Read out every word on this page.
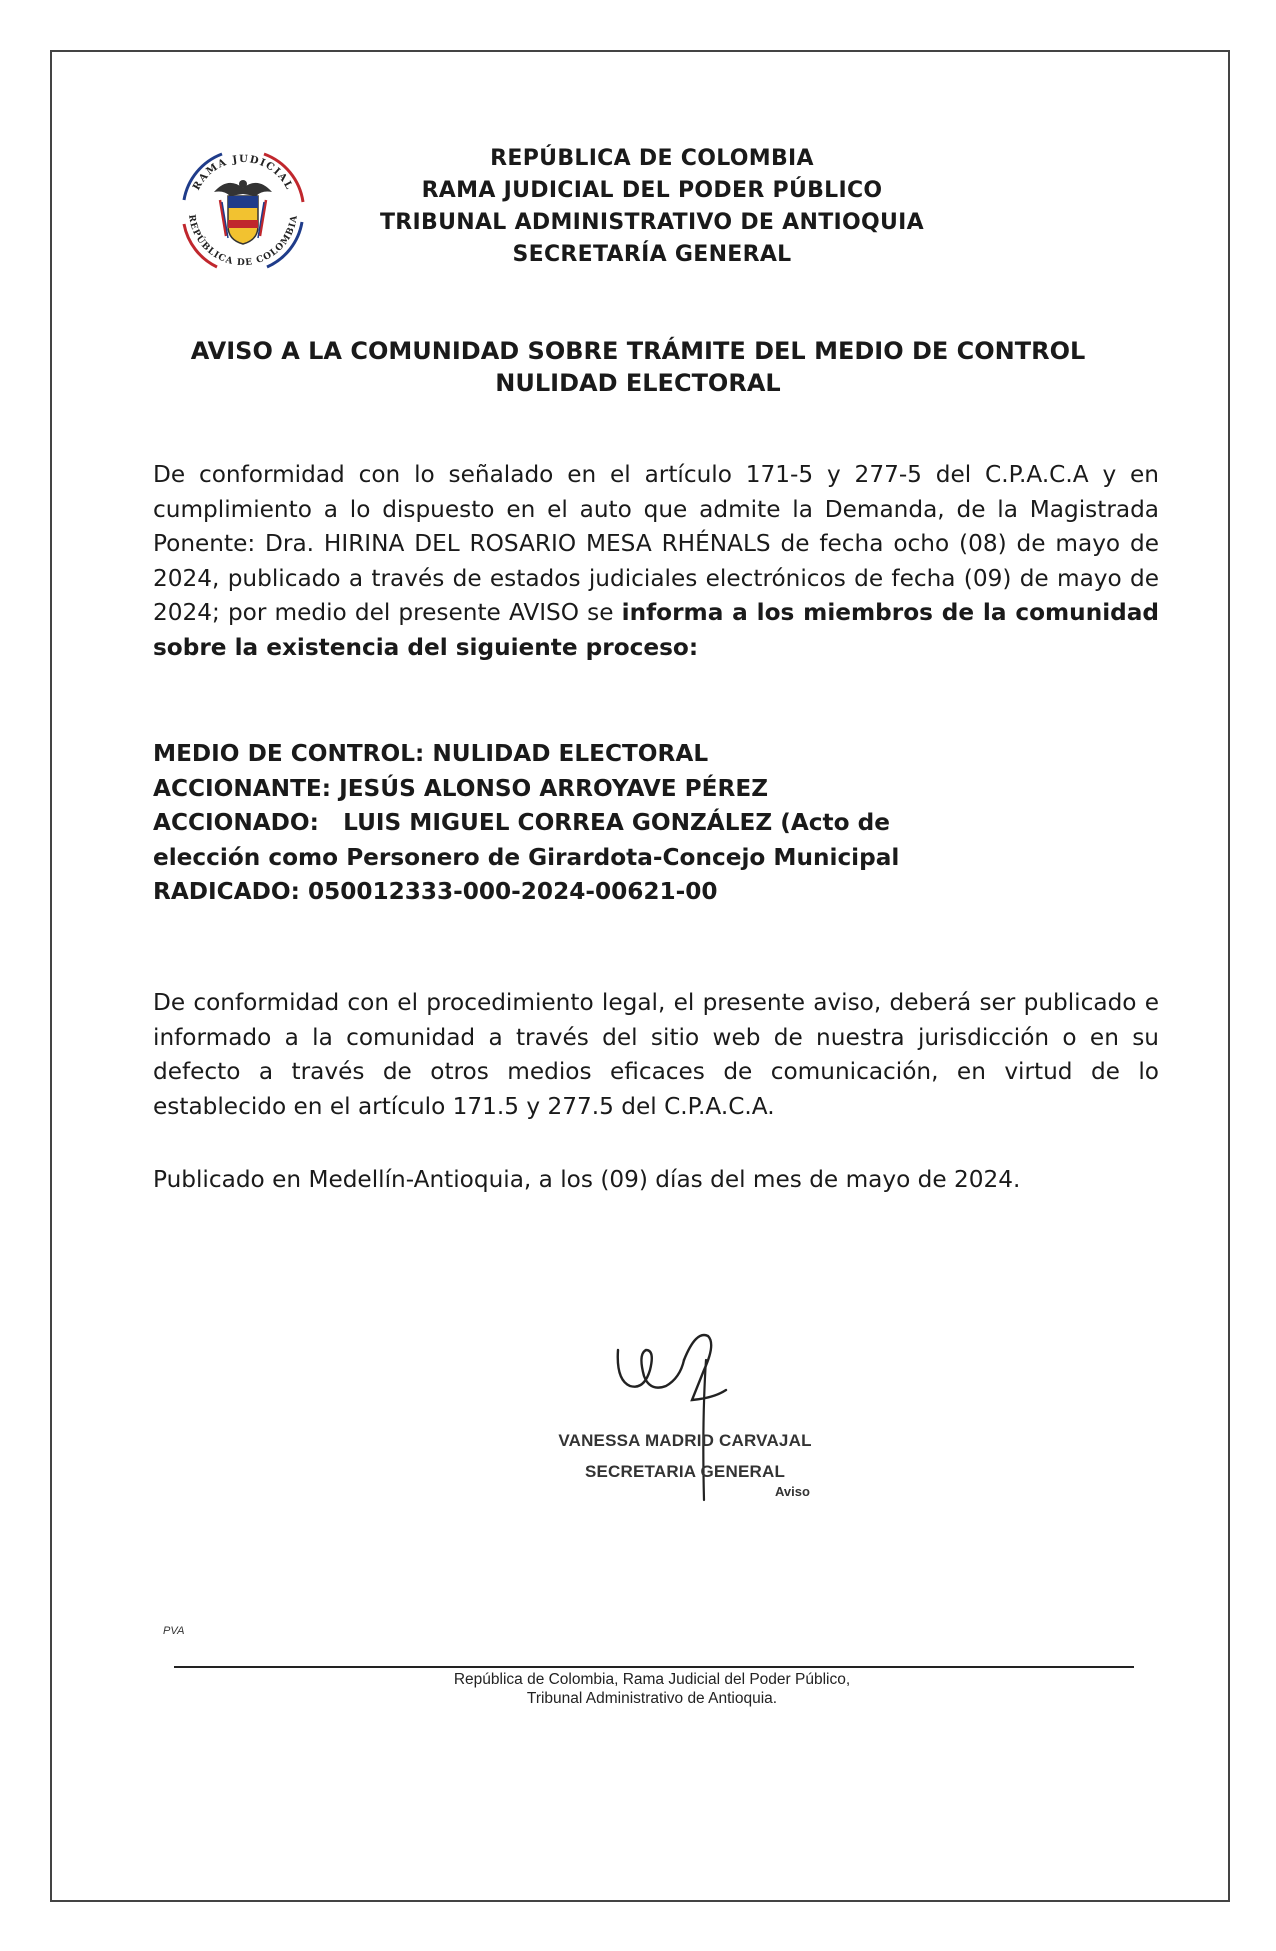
RAMA JUDICIAL
REPÚBLICA DE COLOMBIA
REPÚBLICA DE COLOMBIA
RAMA JUDICIAL DEL PODER PÚBLICO
TRIBUNAL ADMINISTRATIVO DE ANTIOQUIA
SECRETARÍA GENERAL
AVISO A LA COMUNIDAD SOBRE TRÁMITE DEL MEDIO DE CONTROL
NULIDAD ELECTORAL
De conformidad con lo señalado en el artículo 171-5 y 277-5 del C.P.A.C.A y en cumplimiento a lo dispuesto en el auto que admite la Demanda, de la Magistrada Ponente: Dra. HIRINA DEL ROSARIO MESA RHÉNALS de fecha ocho (08) de mayo de 2024, publicado a través de estados judiciales electrónicos de fecha (09) de mayo de 2024; por medio del presente AVISO se informa a los miembros de la comunidad sobre la existencia del siguiente proceso:
MEDIO DE CONTROL: NULIDAD ELECTORAL
ACCIONANTE: JESÚS ALONSO ARROYAVE PÉREZ
ACCIONADO:   LUIS MIGUEL CORREA GONZÁLEZ (Acto de
elección como Personero de Girardota-Concejo Municipal
RADICADO: 050012333-000-2024-00621-00
De conformidad con el procedimiento legal, el presente aviso, deberá ser publicado e informado a la comunidad a través del sitio web de nuestra jurisdicción o en su defecto a través de otros medios eficaces de comunicación, en virtud de lo establecido en el artículo 171.5 y 277.5 del C.P.A.C.A.
Publicado en Medellín-Antioquia, a los (09) días del mes de mayo de 2024.
VANESSA MADRID CARVAJAL
SECRETARIA GENERAL
Aviso
PVA
República de Colombia, Rama Judicial del Poder Público,
Tribunal Administrativo de Antioquia.
